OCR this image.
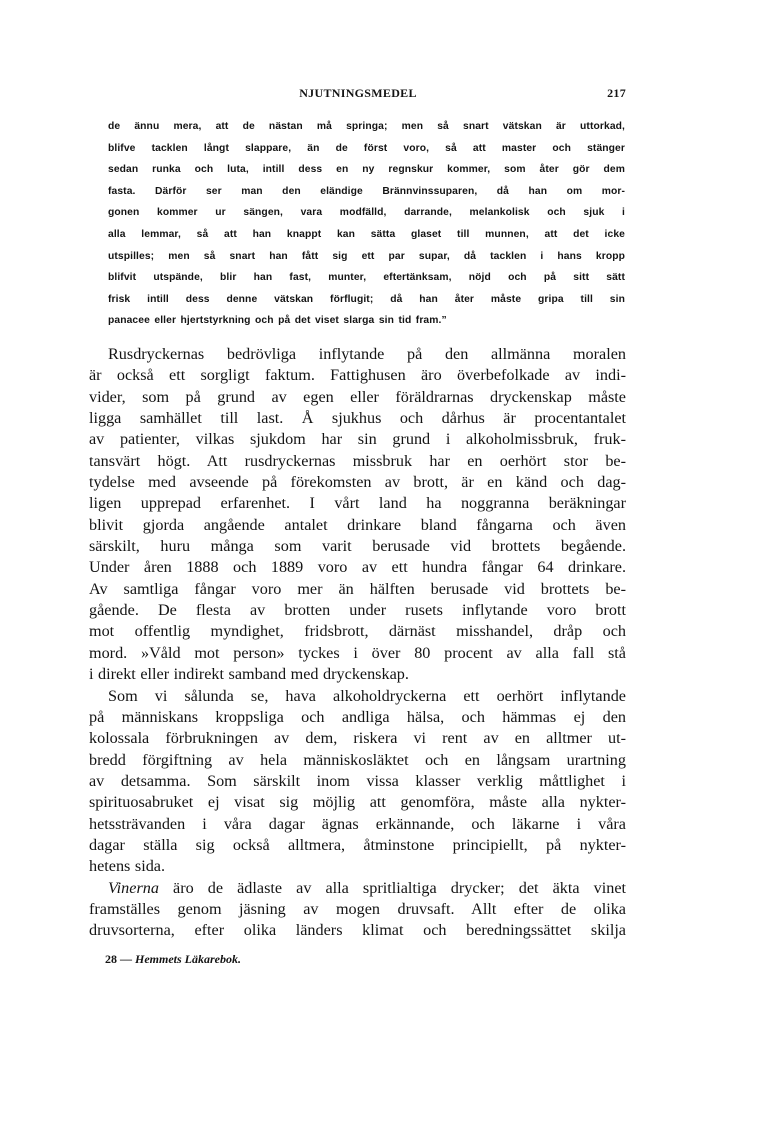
NJUTNINGSMEDEL	217
de ännu mera, att de nästan må springa; men så snart vätskan är uttorkad,
blifve tacklen långt slappare, än de först voro, så att master och stänger
sedan runka och luta, intill dess en ny regnskur kommer, som åter gör dem
fasta. Därför ser man den eländige Brännvinssuparen, då han om mor-
gonen kommer ur sängen, vara modfälld, darrande, melankolisk och sjuk i
alla lemmar, så att han knappt kan sätta glaset till munnen, att det icke
utspilles; men så snart han fått sig ett par supar, då tacklen i hans kropp
blifvit utspände, blir han fast, munter, eftertänksam, nöjd och på sitt sätt
frisk intill dess denne vätskan förflugit; då han åter måste gripa till sin
panacee eller hjertstyrkning och på det viset slarga sin tid fram.”
Rusdryckernas bedrövliga inflytande på den allmänna moralen
är också ett sorgligt faktum. Fattighusen äro överbefolkade av indi-
vider, som på grund av egen eller föräldrarnas dryckenskap måste
ligga samhället till last. Å sjukhus och dårhus är procentantalet
av patienter, vilkas sjukdom har sin grund i alkoholmissbruk, fruk-
tansvärt högt. Att rusdryckernas missbruk har en oerhört stor be-
tydelse med avseende på förekomsten av brott, är en känd och dag-
ligen upprepad erfarenhet. I vårt land ha noggranna beräkningar
blivit gjorda angående antalet drinkare bland fångarna och även
särskilt, huru många som varit berusade vid brottets begående.
Under åren 1888 och 1889 voro av ett hundra fångar 64 drinkare.
Av samtliga fångar voro mer än hälften berusade vid brottets be-
gående. De flesta av brotten under rusets inflytande voro brott
mot offentlig myndighet, fridsbrott, därnäst misshandel, dråp och
mord. »Våld mot person» tyckes i över 80 procent av alla fall stå
i direkt eller indirekt samband med dryckenskap.
Som vi sålunda se, hava alkoholdryckerna ett oerhört inflytande
på människans kroppsliga och andliga hälsa, och hämmas ej den
kolossala förbrukningen av dem, riskera vi rent av en alltmer ut-
bredd förgiftning av hela människosläktet och en långsam urartning
av detsamma. Som särskilt inom vissa klasser verklig måttlighet i
spirituosabruket ej visat sig möjlig att genomföra, måste alla nykter-
hetssträvanden i våra dagar ägnas erkännande, och läkarne i våra
dagar ställa sig också alltmera, åtminstone principiellt, på nykter-
hetens sida.
Vinerna äro de ädlaste av alla spritlialtiga drycker; det äkta vinet
framställes genom jäsning av mogen druvsaft. Allt efter de olika
druvsorterna, efter olika länders klimat och beredningssättet skilja
28 — Hemmets Läkarebok.
